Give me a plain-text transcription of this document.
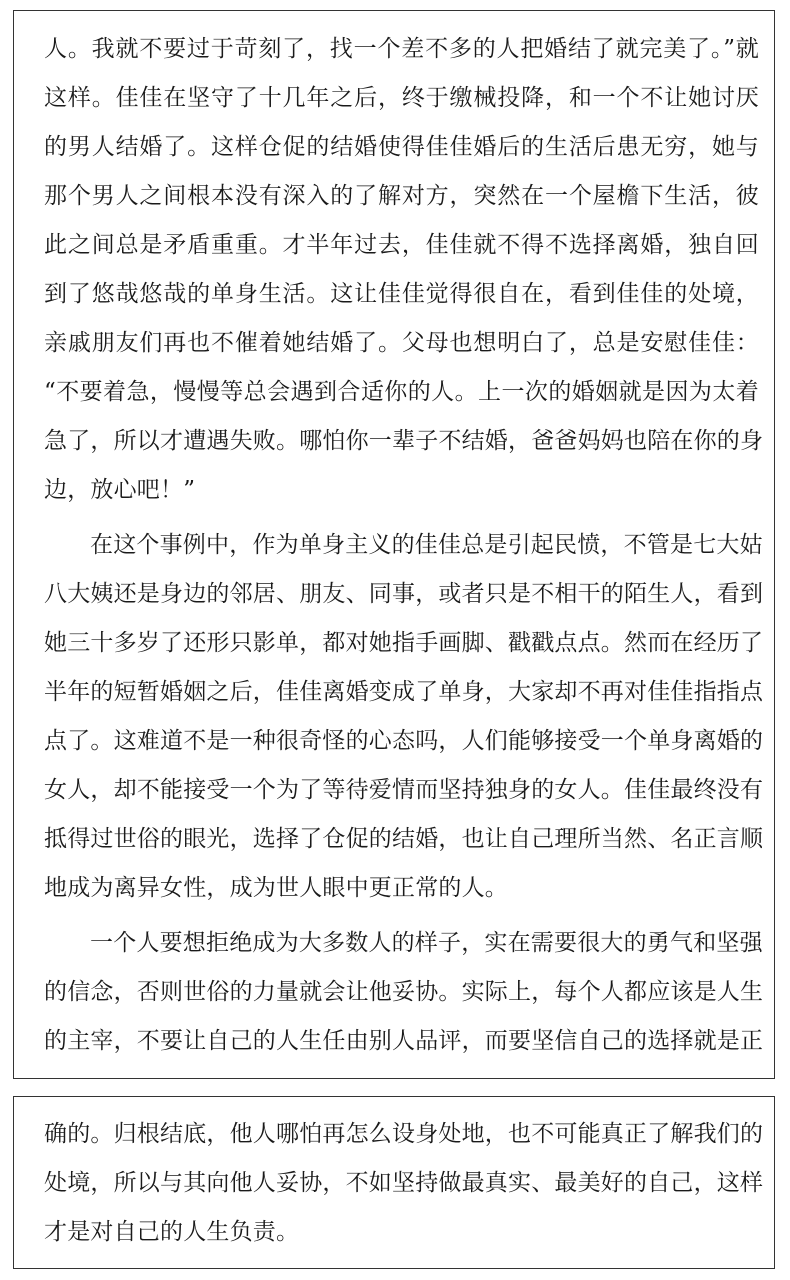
人。我就不要过于苛刻了，找一个差不多的人把婚结了就完美了。”就
这样。佳佳在坚守了十几年之后，终于缴械投降，和一个不让她讨厌
的男人结婚了。这样仓促的结婚使得佳佳婚后的生活后患无穷，她与
那个男人之间根本没有深入的了解对方，突然在一个屋檐下生活，彼
此之间总是矛盾重重。才半年过去，佳佳就不得不选择离婚，独自回
到了悠哉悠哉的单身生活。这让佳佳觉得很自在，看到佳佳的处境，
亲戚朋友们再也不催着她结婚了。父母也想明白了，总是安慰佳佳：
“不要着急，慢慢等总会遇到合适你的人。上一次的婚姻就是因为太着
急了，所以才遭遇失败。哪怕你一辈子不结婚，爸爸妈妈也陪在你的身
边，放心吧！”
在这个事例中，作为单身主义的佳佳总是引起民愤，不管是七大姑
八大姨还是身边的邻居、朋友、同事，或者只是不相干的陌生人，看到
她三十多岁了还形只影单，都对她指手画脚、戳戳点点。然而在经历了
半年的短暂婚姻之后，佳佳离婚变成了单身，大家却不再对佳佳指指点
点了。这难道不是一种很奇怪的心态吗，人们能够接受一个单身离婚的
女人，却不能接受一个为了等待爱情而坚持独身的女人。佳佳最终没有
抵得过世俗的眼光，选择了仓促的结婚，也让自己理所当然、名正言顺
地成为离异女性，成为世人眼中更正常的人。
一个人要想拒绝成为大多数人的样子，实在需要很大的勇气和坚强
的信念，否则世俗的力量就会让他妥协。实际上，每个人都应该是人生
的主宰，不要让自己的人生任由别人品评，而要坚信自己的选择就是正
确的。归根结底，他人哪怕再怎么设身处地，也不可能真正了解我们的
处境，所以与其向他人妥协，不如坚持做最真实、最美好的自己，这样
才是对自己的人生负责。
